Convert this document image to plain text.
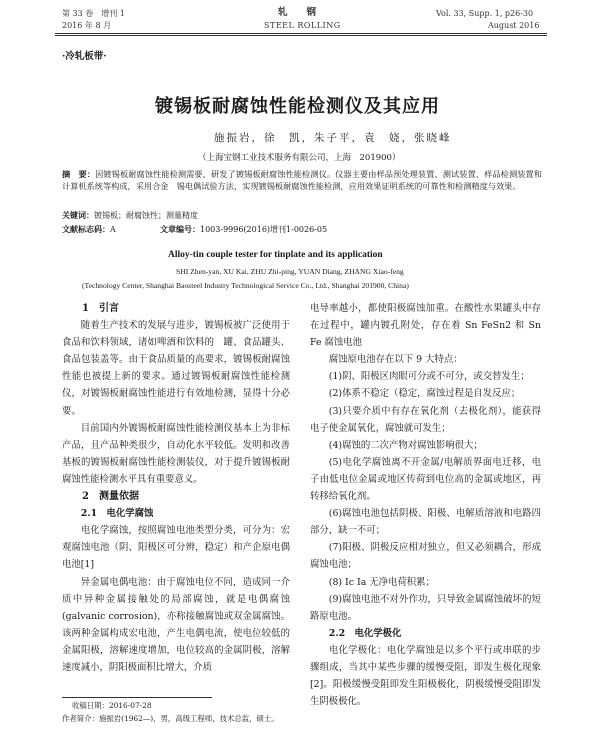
第 33 卷　增刊 1
2016 年 8 月
轧　　钢
STEEL ROLLING
Vol. 33, Supp. 1, p26-30
August 2016
·冷轧板带·
镀锡板耐腐蚀性能检测仪及其应用
施振岩，徐　凯，朱子平，袁　娆，张晓峰
（上海宝钢工业技术服务有限公司，上海　201900）
摘　要：因镀锡板耐腐蚀性能检测需要，研发了镀锡板耐腐蚀性能检测仪。仪器主要由样品预处理装置、测试装置、样品检测装置和计算机系统等构成，采用合金　锡电偶试验方法，实现镀锡板耐腐蚀性能检测，应用效果证明系统的可靠性和检测精度与效果。
关键词：镀锡板；耐腐蚀性；测量精度
文献标志码：A	文章编号：1003-9996(2016)增刊1-0026-05
Alloy-tin couple tester for tinplate and its application
SHI Zhen-yan, XU Kai, ZHU Zhi-ping, YUAN Diang, ZHANG Xiao-feng
(Technology Center, Shanghai Baosteel Industry Technological Service Co., Ltd., Shanghai 201900, China)

1　引言

随着生产技术的发展与进步，镀锡板被广泛使用于食品和饮料领域，诸如啤酒和饮料的　罐、食品罐头、食品包装盖等。由于食品质量的高要求，镀锡板耐腐蚀性能也被提上新的要求。通过镀锡板耐腐蚀性能检测仪，对镀锡板耐腐蚀性能进行有效地检测，显得十分必要。

目前国内外镀锡板耐腐蚀性能检测仪基本上为非标产品，且产品种类很少，自动化水平较低。发明和改善基板的镀锡板耐腐蚀性能检测装仪，对于提升镀锡板耐腐蚀性能检测水平具有重要意义。

2　测量依据

2.1　电化学腐蚀

电化学腐蚀，按照腐蚀电池类型分类，可分为：宏观腐蚀电池（阴、阳极区可分辨，稳定）和产企原电偶电池[1]

异金属电偶电池：由于腐蚀电位不同，造成同一介质中异种金属接触处的局部腐蚀，就是电偶腐蚀(galvanic corrosion)，亦称接触腐蚀或双金属腐蚀。该两种金属构成宏电池，产生电偶电流，使电位较低的金属阳极，溶解速度增加，电位较高的金属阴极，溶解速度减小，阴阳极面积比增大，介质

电导率越小，都使阳极腐蚀加重。在酸性水果罐头中存在过程中，罐内镀孔附处，存在着 Sn FeSn2 和 Sn Fe 腐蚀电池

腐蚀原电池存在以下 9 大特点：

(1)阴、阳极区肉眼可分或不可分，或交替发生；

(2)体系不稳定（稳定，腐蚀过程是自发反应；

(3)只要介质中有存在氧化剂（去极化剂），能获得电子使金属氧化，腐蚀就可发生；

(4)腐蚀的二次产物对腐蚀影响很大；

(5)电化学腐蚀离不开金属/电解质界面电迁移，电子由低电位金属或地区传荷到电位高的金属或地区，再转移给氧化剂。

(6)腐蚀电池包括阴极、阳极、电解质溶液和电路四部分，缺一不可；

(7)阳极、阴极反应相对独立，但又必须耦合，形成腐蚀电池；

(8) Ic Ia 无净电荷积累；

(9)腐蚀电池不对外作功，只导致金属腐蚀破坏的短路原电池。

2.2　电化学极化

电化学极化：电化学腐蚀是以多个平行或串联的步骤组成，当其中某些步骤的缓慢受阻，即发生极化现象[2]。阳极缓慢受阻即发生阳极极化，阴极缓慢受阻即发生阴极极化。

收稿日期：2016-07-28
作者简介：施振岩(1962—)，男，高级工程师，技术总监，硕士。
